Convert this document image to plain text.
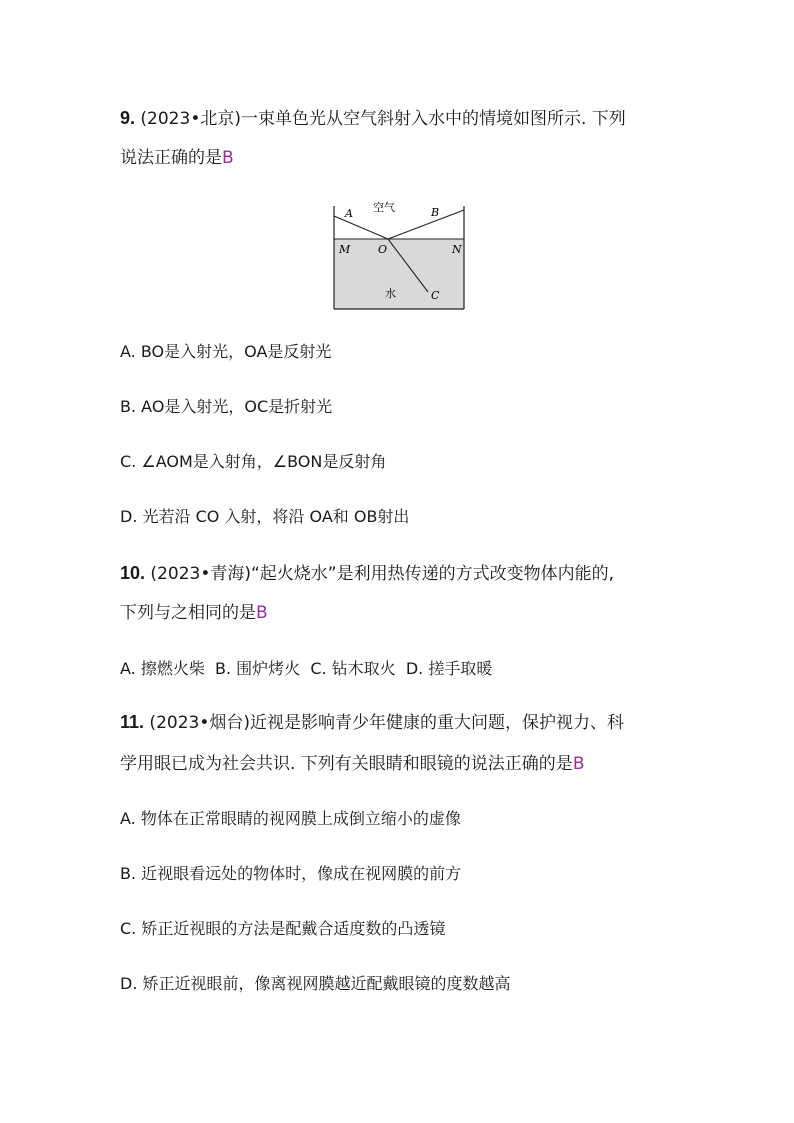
9. (2023•北京)一束单色光从空气斜射入水中的情境如图所示. 下列
说法正确的是B
A 空气	B
M	O	N
水	C
A. BO是入射光，OA是反射光
B. AO是入射光，OC是折射光
C. ∠AOM是入射角，∠BON是反射角
D. 光若沿 CO 入射，将沿 OA和 OB射出
10. (2023•青海)“起火烧水”是利用热传递的方式改变物体内能的,
下列与之相同的是B
A. 擦燃火柴  B. 围炉烤火  C. 钻木取火  D. 搓手取暖
11. (2023•烟台)近视是影响青少年健康的重大问题，保护视力、科
学用眼已成为社会共识. 下列有关眼睛和眼镜的说法正确的是B
A. 物体在正常眼睛的视网膜上成倒立缩小的虚像
B. 近视眼看远处的物体时，像成在视网膜的前方
C. 矫正近视眼的方法是配戴合适度数的凸透镜
D. 矫正近视眼前，像离视网膜越近配戴眼镜的度数越高
